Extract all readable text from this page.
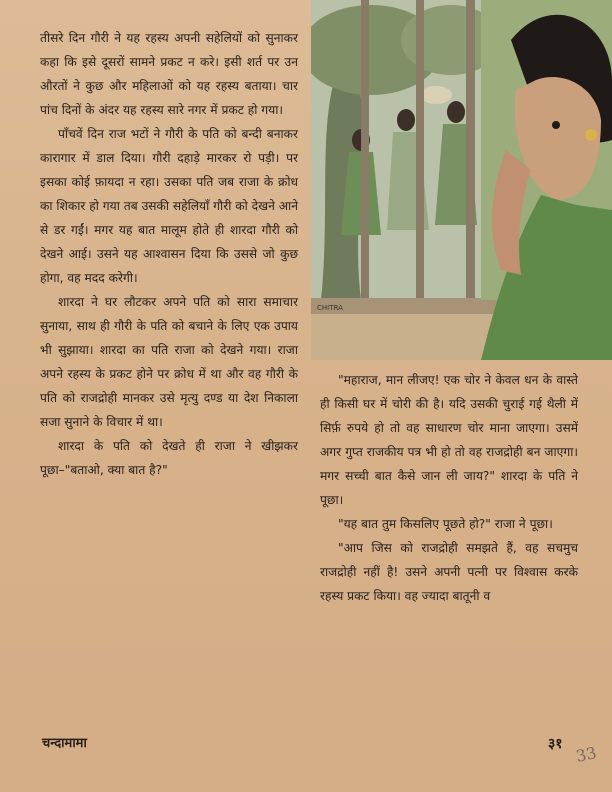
तीसरे दिन गौरी ने यह रहस्य अपनी सहेलियों को सुनाकर कहा कि इसे दूसरों सामने प्रकट न करे। इसी शर्त पर उन औरतों ने कुछ और महिलाओं को यह रहस्य बताया। चार पांच दिनों के अंदर यह रहस्य सारे नगर में प्रकट हो गया।

पाँचवें दिन राज भटों ने गौरी के पति को बन्दी बनाकर कारागार में डाल दिया। गौरी दहाड़े मारकर रो पड़ी। पर इसका कोई फ़ायदा न रहा। उसका पति जब राजा के क्रोध का शिकार हो गया तब उसकी सहेलियाँ गौरी को देखने आने से डर गईं। मगर यह बात मालूम होते ही शारदा गौरी को देखने आई। उसने यह आश्वासन दिया कि उससे जो कुछ होगा, वह मदद करेगी।

शारदा ने घर लौटकर अपने पति को सारा समाचार सुनाया, साथ ही गौरी के पति को बचाने के लिए एक उपाय भी सुझाया। शारदा का पति राजा को देखने गया। राजा अपने रहस्य के प्रकट होने पर क्रोध में था और वह गौरी के पति को राजद्रोही मानकर उसे मृत्यु दण्ड या देश निकाला सजा सुनाने के विचार में था।

शारदा के पति को देखते ही राजा ने खीझकर पूछा–"बताओ, क्या बात है?"

CHITRA

"महाराज, मान लीजए! एक चोर ने केवल धन के वास्ते ही किसी घर में चोरी की है। यदि उसकी चुराई गई थैली में सिर्फ़ रुपये हो तो वह साधारण चोर माना जाएगा। उसमें अगर गुप्त राजकीय पत्र भी हो तो वह राजद्रोही बन जाएगा। मगर सच्ची बात कैसे जान ली जाय?" शारदा के पति ने पूछा।

"यह बात तुम किसलिए पूछते हो?" राजा ने पूछा।

"आप जिस को राजद्रोही समझते हैं, वह सचमुच राजद्रोही नहीं है! उसने अपनी पत्नी पर विश्वास करके रहस्य प्रकट किया। वह ज्यादा बातूनी व

चन्दामामा	३१ 33
